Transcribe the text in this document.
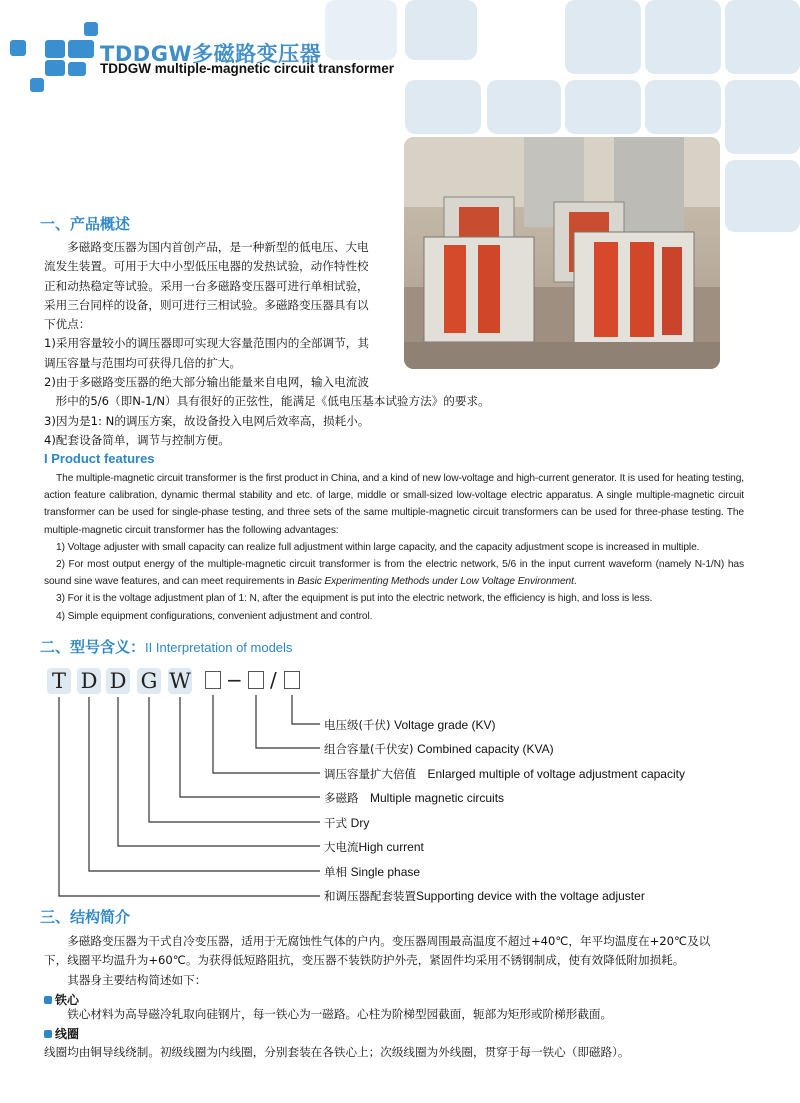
TDDGW多磁路变压器
TDDGW multiple-magnetic circuit transformer
一、产品概述

　　多磁路变压器为国内首创产品，是一种新型的低电压、大电

流发生装置。可用于大中小型低压电器的发热试验，动作特性校

正和动热稳定等试验。采用一台多磁路变压器可进行单相试验，

采用三台同样的设备，则可进行三相试验。多磁路变压器具有以

下优点：

1)采用容量较小的调压器即可实现大容量范围内的全部调节，其

调压容量与范围均可获得几倍的扩大。

2)由于多磁路变压器的绝大部分输出能量来自电网，输入电流波

　形中的5/6（即N-1/N）具有很好的正弦性，能满足《低电压基本试验方法》的要求。

3)因为是1: N的调压方案，故设备投入电网后效率高，损耗小。

4)配套设备简单，调节与控制方便。

I Product features

The multiple-magnetic circuit transformer is the first product in China, and a kind of new low-voltage and high-current generator. It is used for heating testing, action feature calibration, dynamic thermal stability and etc. of large, middle or small-sized low-voltage electric apparatus. A single multiple-magnetic circuit transformer can be used for single-phase testing, and three sets of the same multiple-magnetic circuit transformers can be used for three-phase testing. The multiple-magnetic circuit transformer has the following advantages:

1) Voltage adjuster with small capacity can realize full adjustment within large capacity, and the capacity adjustment scope is increased in multiple.

2) For most output energy of the multiple-magnetic circuit transformer is from the electric network, 5/6 in the input current waveform (namely N-1/N) has sound sine wave features, and can meet requirements in Basic Experimenting Methods under Low Voltage Environment.

3) For it is the voltage adjustment plan of 1: N, after the equipment is put into the electric network, the efficiency is high, and loss is less.

4) Simple equipment configurations, convenient adjustment and control.

二、型号含义：II Interpretation of models
T D D G W − /
电压级(千伏) Voltage grade (KV)
组合容量(千伏安) Combined capacity (KVA)
调压容量扩大倍值　 Enlarged multiple of voltage adjustment capacity
多磁路　 Multiple magnetic circuits
干式 Dry
大电流High current
单相 Single phase
和调压器配套装置Supporting device with the voltage adjuster
三、结构简介

　　多磁路变压器为干式自冷变压器，适用于无腐蚀性气体的户内。变压器周围最高温度不超过+40℃，年平均温度在+20℃及以

下，线圈平均温升为+60℃。为获得低短路阻抗，变压器不装铁防护外壳，紧固件均采用不锈钢制成，使有效降低附加损耗。

　　其器身主要结构简述如下：

铁心
　　铁心材料为高导磁冷轧取向硅钢片，每一铁心为一磁路。心柱为阶梯型园截面，轭部为矩形或阶梯形截面。
线圈
线圈均由铜导线绕制。初级线圈为内线圈，分别套装在各铁心上；次级线圈为外线圈，贯穿于每一铁心（即磁路）。
